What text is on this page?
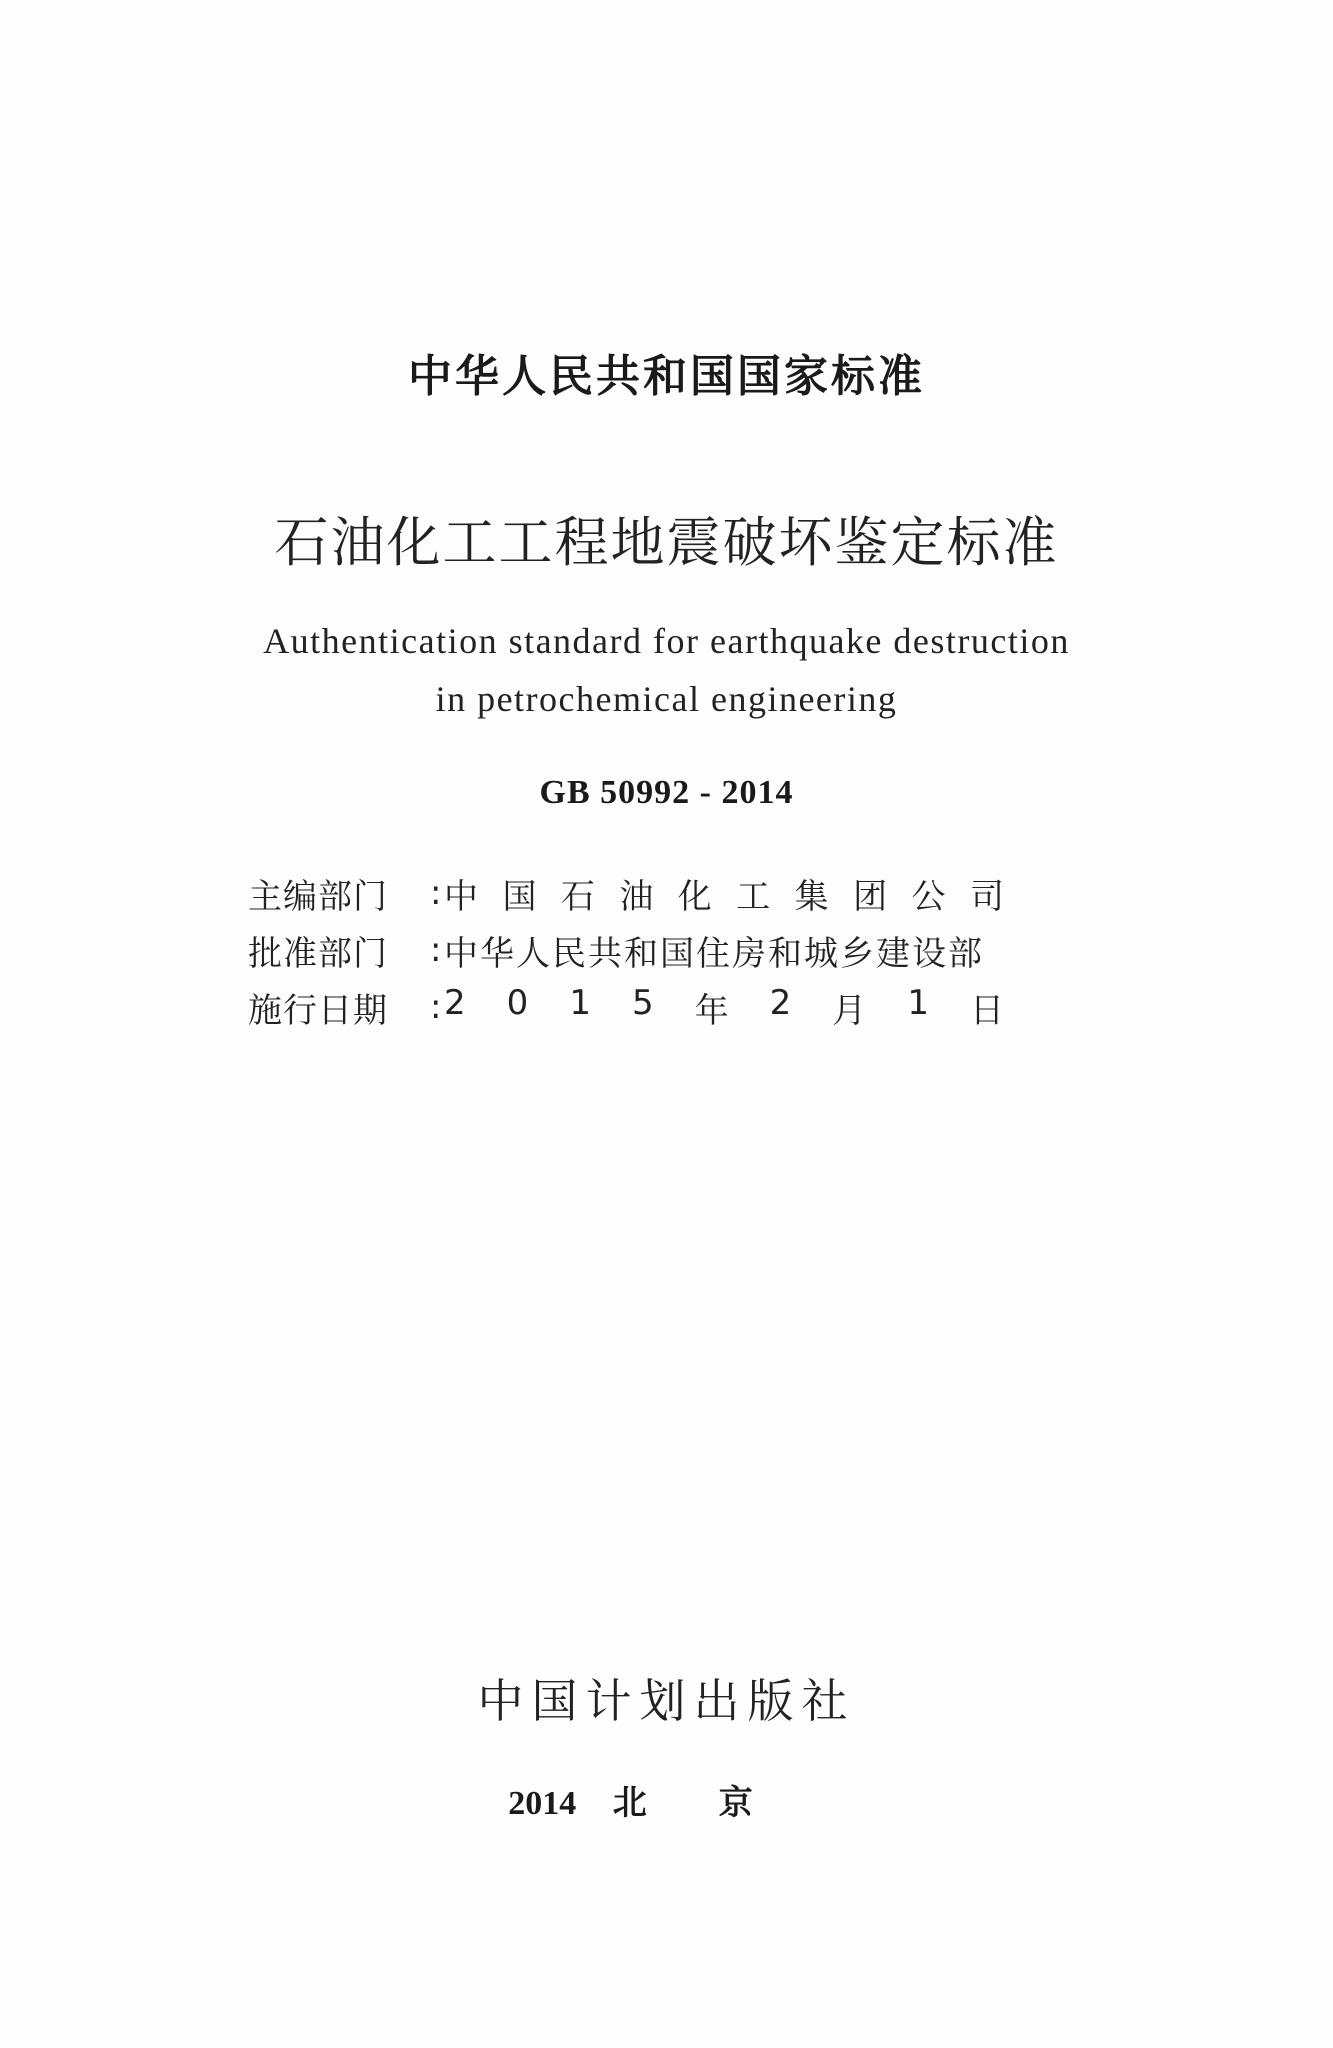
中华人民共和国国家标准
石油化工工程地震破坏鉴定标准
Authentication standard for earthquake destruction
in petrochemical engineering
GB 50992 - 2014
主编部门	: 中 国 石 油 化 工 集 团 公 司
批准部门	: 中华人民共和国住房和城乡建设部
施行日期	: 2 0 1 5 年 2 月 1 日
中国计划出版社
2014 北京
